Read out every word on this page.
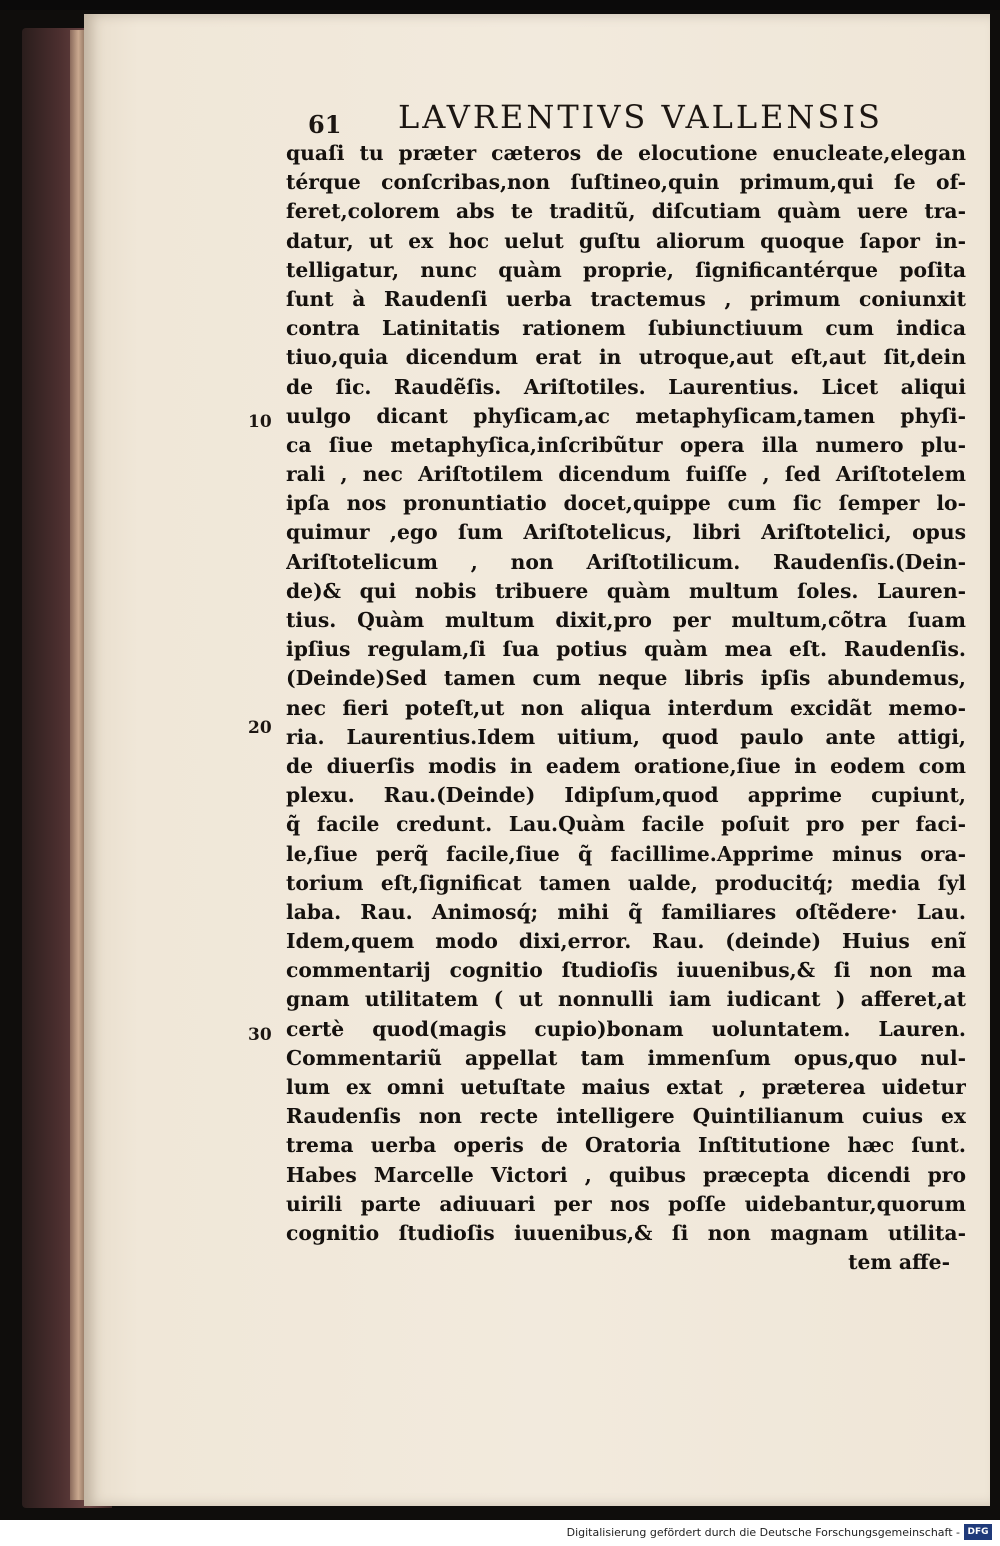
61 LAVRENTIVS VALLENSIS
10
20
30
quaſi tu præter cæteros de elocutione enucleate,elegan
térque conſcribas,non ſuſtineo,quin primum,qui ſe of-
feret,colorem abs te traditũ, diſcutiam quàm uere tra-
datur, ut ex hoc uelut guſtu aliorum quoque ſapor in-
telligatur, nunc quàm proprie, ſignificantérque poſita
ſunt à Raudenſi uerba tractemus , primum coniunxit
contra Latinitatis rationem ſubiunctiuum cum indica
tiuo,quia dicendum erat in utroque,aut eſt,aut ſit,dein
de ſic. Raudẽſis. Ariſtotiles. Laurentius. Licet aliqui
uulgo dicant phyſicam,ac metaphyſicam,tamen phyſi-
ca ſiue metaphyſica,inſcribũtur opera illa numero plu-
rali , nec Ariſtotilem dicendum fuiſſe , ſed Ariſtotelem
ipſa nos pronuntiatio docet,quippe cum ſic ſemper lo-
quimur ,ego ſum Ariſtotelicus, libri Ariſtotelici, opus
Ariſtotelicum , non Ariſtotilicum. Raudenſis.(Dein-
de)& qui nobis tribuere quàm multum ſoles. Lauren-
tius. Quàm multum dixit,pro per multum,cõtra ſuam
ipſius regulam,ſi ſua potius quàm mea eſt. Raudenſis.
(Deinde)Sed tamen cum neque libris ipſis abundemus,
nec fieri poteſt,ut non aliqua interdum excidãt memo-
ria. Laurentius.Idem uitium, quod paulo ante attigi,
de diuerſis modis in eadem oratione,ſiue in eodem com
plexu. Rau.(Deinde) Idipſum,quod apprime cupiunt,
q̃ facile credunt. Lau.Quàm facile poſuit pro per faci-
le,ſiue perq̃ facile,ſiue q̃ facillime.Apprime minus ora-
torium eſt,ſignificat tamen ualde, producitq́; media ſyl
laba. Rau. Animosq́; mihi q̃ familiares oſtẽdere· Lau.
Idem,quem modo dixi,error. Rau. (deinde) Huius enĩ
commentarij cognitio ſtudioſis iuuenibus,& ſi non ma
gnam utilitatem ( ut nonnulli iam iudicant ) afferet,at
certè quod(magis cupio)bonam uoluntatem. Lauren.
Commentariũ appellat tam immenſum opus,quo nul-
lum ex omni uetuſtate maius extat , præterea uidetur
Raudenſis non recte intelligere Quintilianum cuius ex
trema uerba operis de Oratoria Inſtitutione hæc ſunt.
Habes Marcelle Victori , quibus præcepta dicendi pro
uirili parte adiuuari per nos poſſe uidebantur,quorum
cognitio ſtudioſis iuuenibus,& ſi non magnam utilita-
tem affe-
Digitalisierung gefördert durch die Deutsche Forschungsgemeinschaft - DFG
